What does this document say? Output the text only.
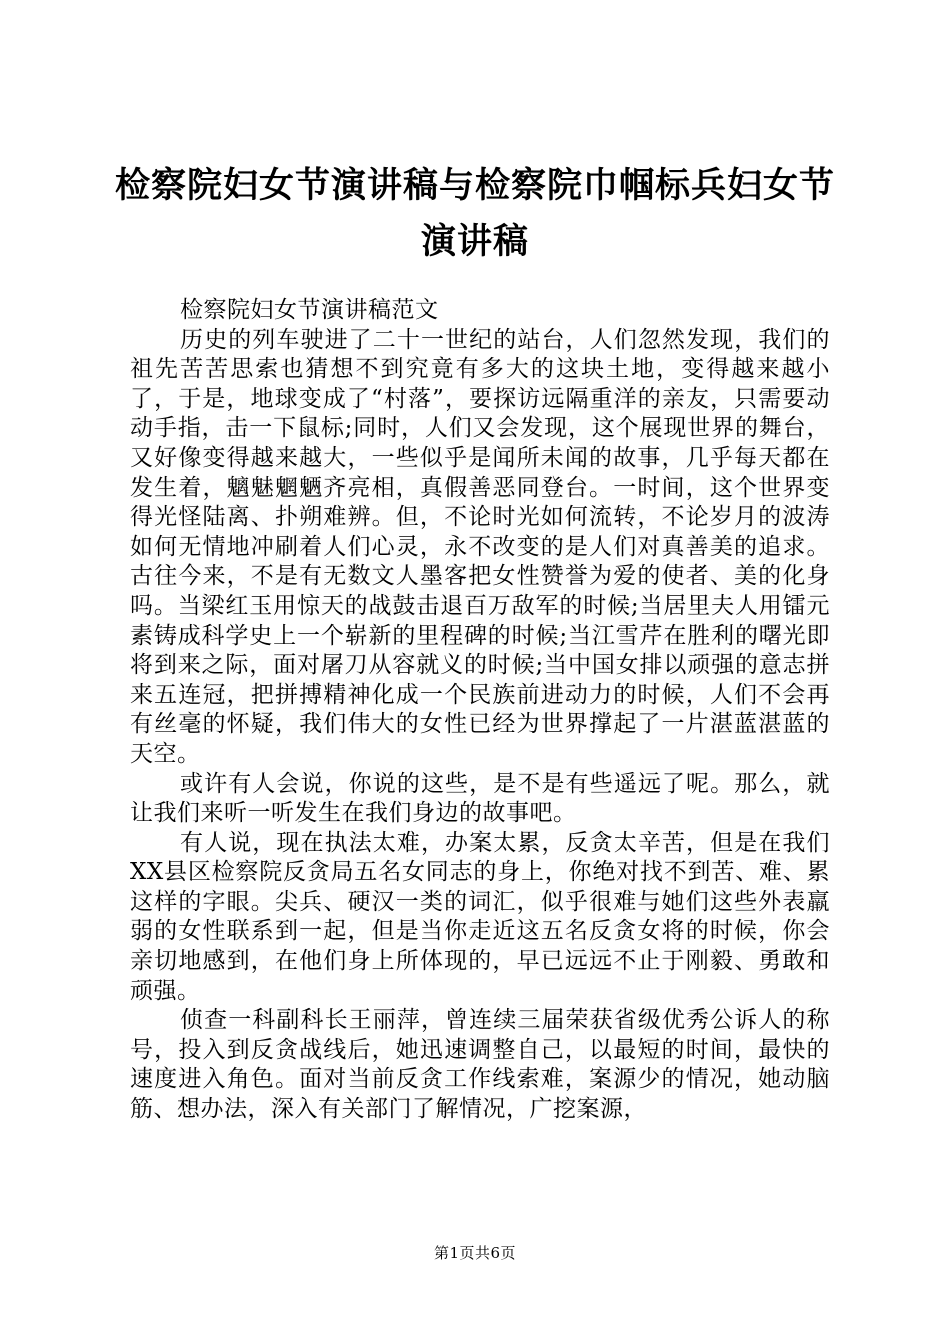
检察院妇女节演讲稿与检察院巾帼标兵妇女节演讲稿

检察院妇女节演讲稿范文

历史的列车驶进了二十一世纪的站台，人们忽然发现，我们的祖先苦苦思索也猜想不到究竟有多大的这块土地，变得越来越小了，于是，地球变成了“村落”，要探访远隔重洋的亲友，只需要动动手指，击一下鼠标;同时，人们又会发现，这个展现世界的舞台，又好像变得越来越大，一些似乎是闻所未闻的故事，几乎每天都在发生着，魑魅魍魉齐亮相，真假善恶同登台。一时间，这个世界变得光怪陆离、扑朔难辨。但，不论时光如何流转，不论岁月的波涛如何无情地冲刷着人们心灵，永不改变的是人们对真善美的追求。古往今来，不是有无数文人墨客把女性赞誉为爱的使者、美的化身吗。当梁红玉用惊天的战鼓击退百万敌军的时候;当居里夫人用镭元素铸成科学史上一个崭新的里程碑的时候;当江雪芹在胜利的曙光即将到来之际，面对屠刀从容就义的时候;当中国女排以顽强的意志拼来五连冠，把拼搏精神化成一个民族前进动力的时候，人们不会再有丝毫的怀疑，我们伟大的女性已经为世界撑起了一片湛蓝湛蓝的天空。

或许有人会说，你说的这些，是不是有些遥远了呢。那么，就让我们来听一听发生在我们身边的故事吧。

有人说，现在执法太难，办案太累，反贪太辛苦，但是在我们XX县区检察院反贪局五名女同志的身上，你绝对找不到苦、难、累这样的字眼。尖兵、硬汉一类的词汇，似乎很难与她们这些外表羸弱的女性联系到一起，但是当你走近这五名反贪女将的时候，你会亲切地感到，在他们身上所体现的，早已远远不止于刚毅、勇敢和顽强。

侦查一科副科长王丽萍，曾连续三届荣获省级优秀公诉人的称号，投入到反贪战线后，她迅速调整自己，以最短的时间，最快的速度进入角色。面对当前反贪工作线索难，案源少的情况，她动脑筋、想办法，深入有关部门了解情况，广挖案源，

第1页共6页
